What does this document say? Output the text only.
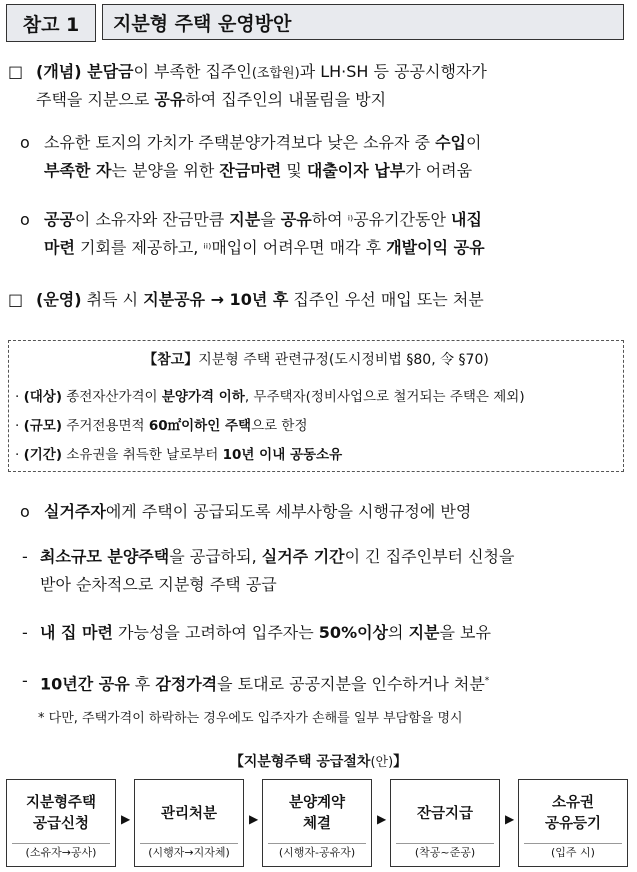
참고 1	지분형 주택 운영방안
□ (개념) 분담금이 부족한 집주인(조합원)과 LH·SH 등 공공시행자가
주택을 지분으로 공유하여 집주인의 내몰림을 방지
o 소유한 토지의 가치가 주택분양가격보다 낮은 소유자 중 수입이
부족한 자는 분양을 위한 잔금마련 및 대출이자 납부가 어려움
o 공공이 소유자와 잔금만큼 지분을 공유하여 ⁱ⁾공유기간동안 내집
마련 기회를 제공하고, ⁱⁱ⁾매입이 어려우면 매각 후 개발이익 공유
□ (운영) 취득 시 지분공유 → 10년 후 집주인 우선 매입 또는 처분
【참고】지분형 주택 관련규정(도시정비법 §80, 令 §70)
· (대상) 종전자산가격이 분양가격 이하, 무주택자(정비사업으로 철거되는 주택은 제외)
· (규모) 주거전용면적 60㎡이하인 주택으로 한정
· (기간) 소유권을 취득한 날로부터 10년 이내 공동소유
o 실거주자에게 주택이 공급되도록 세부사항을 시행규정에 반영
- 최소규모 분양주택을 공급하되, 실거주 기간이 긴 집주인부터 신청을
받아 순차적으로 지분형 주택 공급
- 내 집 마련 가능성을 고려하여 입주자는 50%이상의 지분을 보유
- 10년간 공유 후 감정가격을 토대로 공공지분을 인수하거나 처분*
* 다만, 주택가격이 하락하는 경우에도 입주자가 손해를 일부 부담함을 명시
【지분형주택 공급절차(안)】
지분형주택
공급신청
(소유자→공사)
▶	관리처분
(시행자→지자체)
▶
분양계약
체결
(시행자-공유자)
▶	잔금지급
(착공~준공)
▶
소유권
공유등기
(입주 시)
